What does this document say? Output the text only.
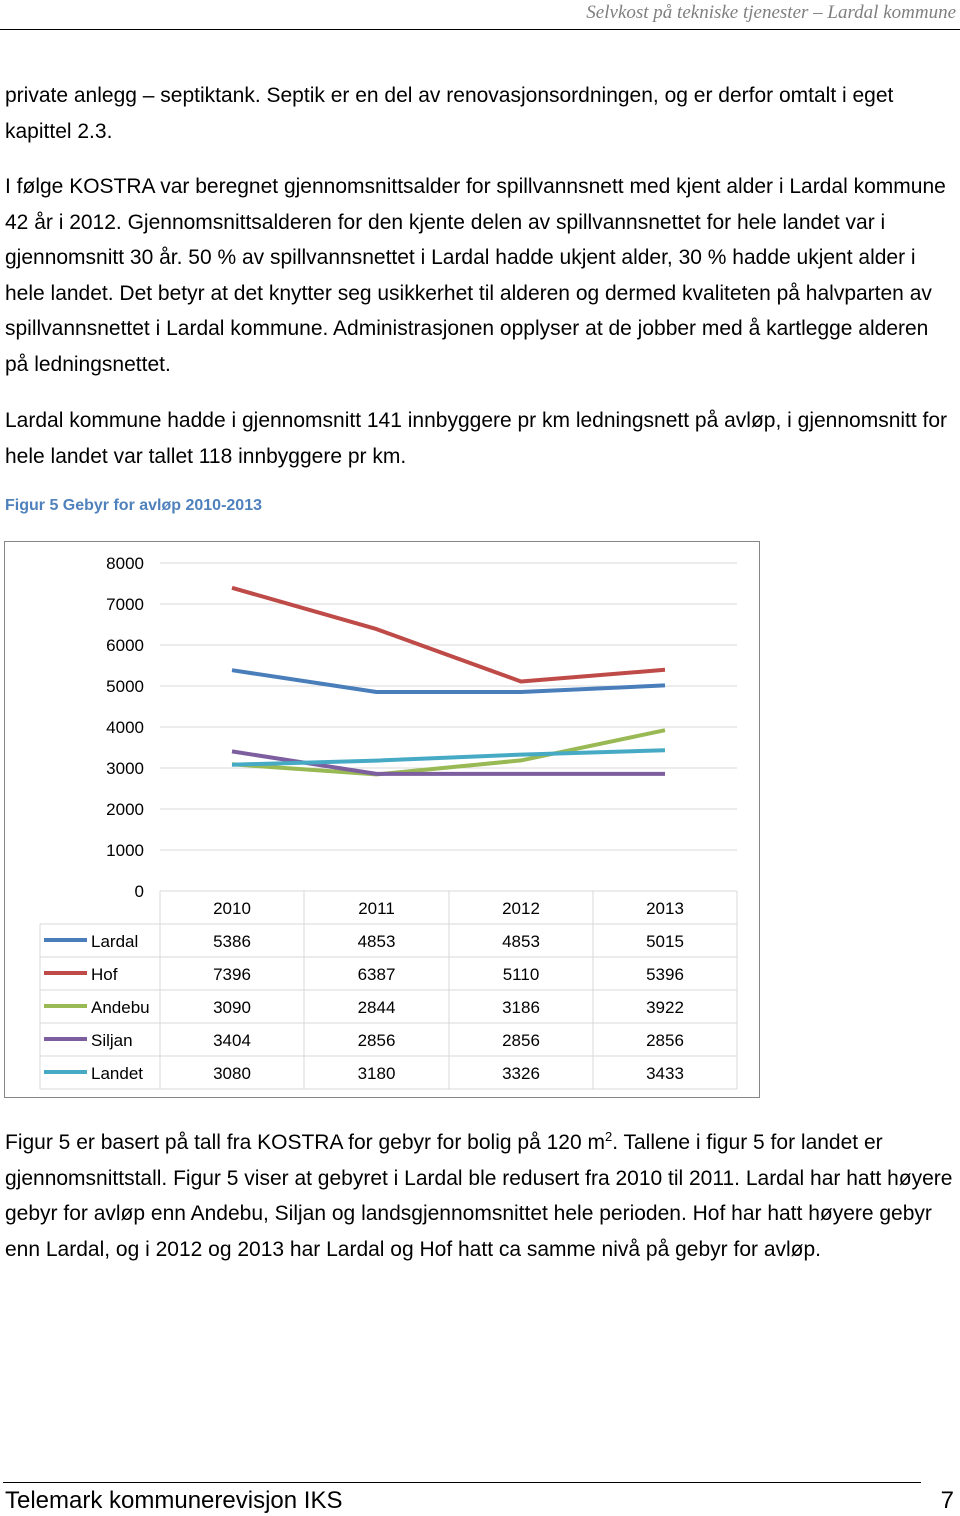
Selvkost på tekniske tjenester – Lardal kommune

private anlegg – septiktank. Septik er en del av renovasjonsordningen, og er derfor omtalt i eget kapittel 2.3.

I følge KOSTRA var beregnet gjennomsnittsalder for spillvannsnett med kjent alder i Lardal kommune 42 år i 2012. Gjennomsnittsalderen for den kjente delen av spillvannsnettet for hele landet var i gjennomsnitt 30 år. 50 % av spillvannsnettet i Lardal hadde ukjent alder, 30 % hadde ukjent alder i hele landet. Det betyr at det knytter seg usikkerhet til alderen og dermed kvaliteten på halvparten av spillvannsnettet i Lardal kommune. Administrasjonen opplyser at de jobber med å kartlegge alderen på ledningsnettet.

Lardal kommune hadde i gjennomsnitt 141 innbyggere pr km ledningsnett på avløp, i gjennomsnitt for hele landet var tallet 118 innbyggere pr km.

Figur 5 Gebyr for avløp 2010-2013

0
1000
2000
3000
4000
5000
6000
7000
8000
2010	2011	2012	2013
Lardal	5386	4853	4853	5015
Hof	7396	6387	5110	5396
Andebu	3090	2844	3186	3922
Siljan	3404	2856	2856	2856
Landet	3080	3180	3326	3433

Figur 5 er basert på tall fra KOSTRA for gebyr for bolig på 120 $m^2$. Tallene i figur 5 for landet er gjennomsnittstall. Figur 5 viser at gebyret i Lardal ble redusert fra 2010 til 2011. Lardal har hatt høyere gebyr for avløp enn Andebu, Siljan og landsgjennomsnittet hele perioden. Hof har hatt høyere gebyr enn Lardal, og i 2012 og 2013 har Lardal og Hof hatt ca samme nivå på gebyr for avløp.

Telemark kommunerevisjon IKS	7
